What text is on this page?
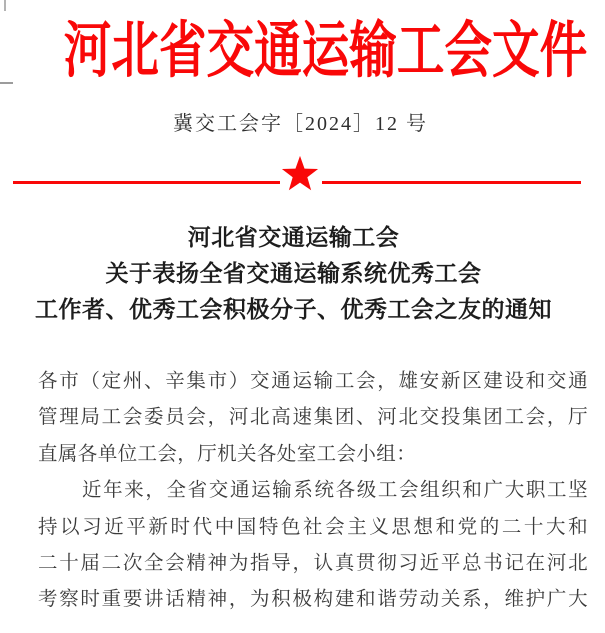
河北省交通运输工会文件
冀交工会字［2024］12 号
河北省交通运输工会
关于表扬全省交通运输系统优秀工会
工作者、优秀工会积极分子、优秀工会之友的通知
各市（定州、辛集市）交通运输工会，雄安新区建设和交通
管理局工会委员会，河北高速集团、河北交投集团工会，厅
直属各单位工会，厅机关各处室工会小组：
近年来，全省交通运输系统各级工会组织和广大职工坚
持以习近平新时代中国特色社会主义思想和党的二十大和
二十届二次全会精神为指导，认真贯彻习近平总书记在河北
考察时重要讲话精神，为积极构建和谐劳动关系，维护广大
